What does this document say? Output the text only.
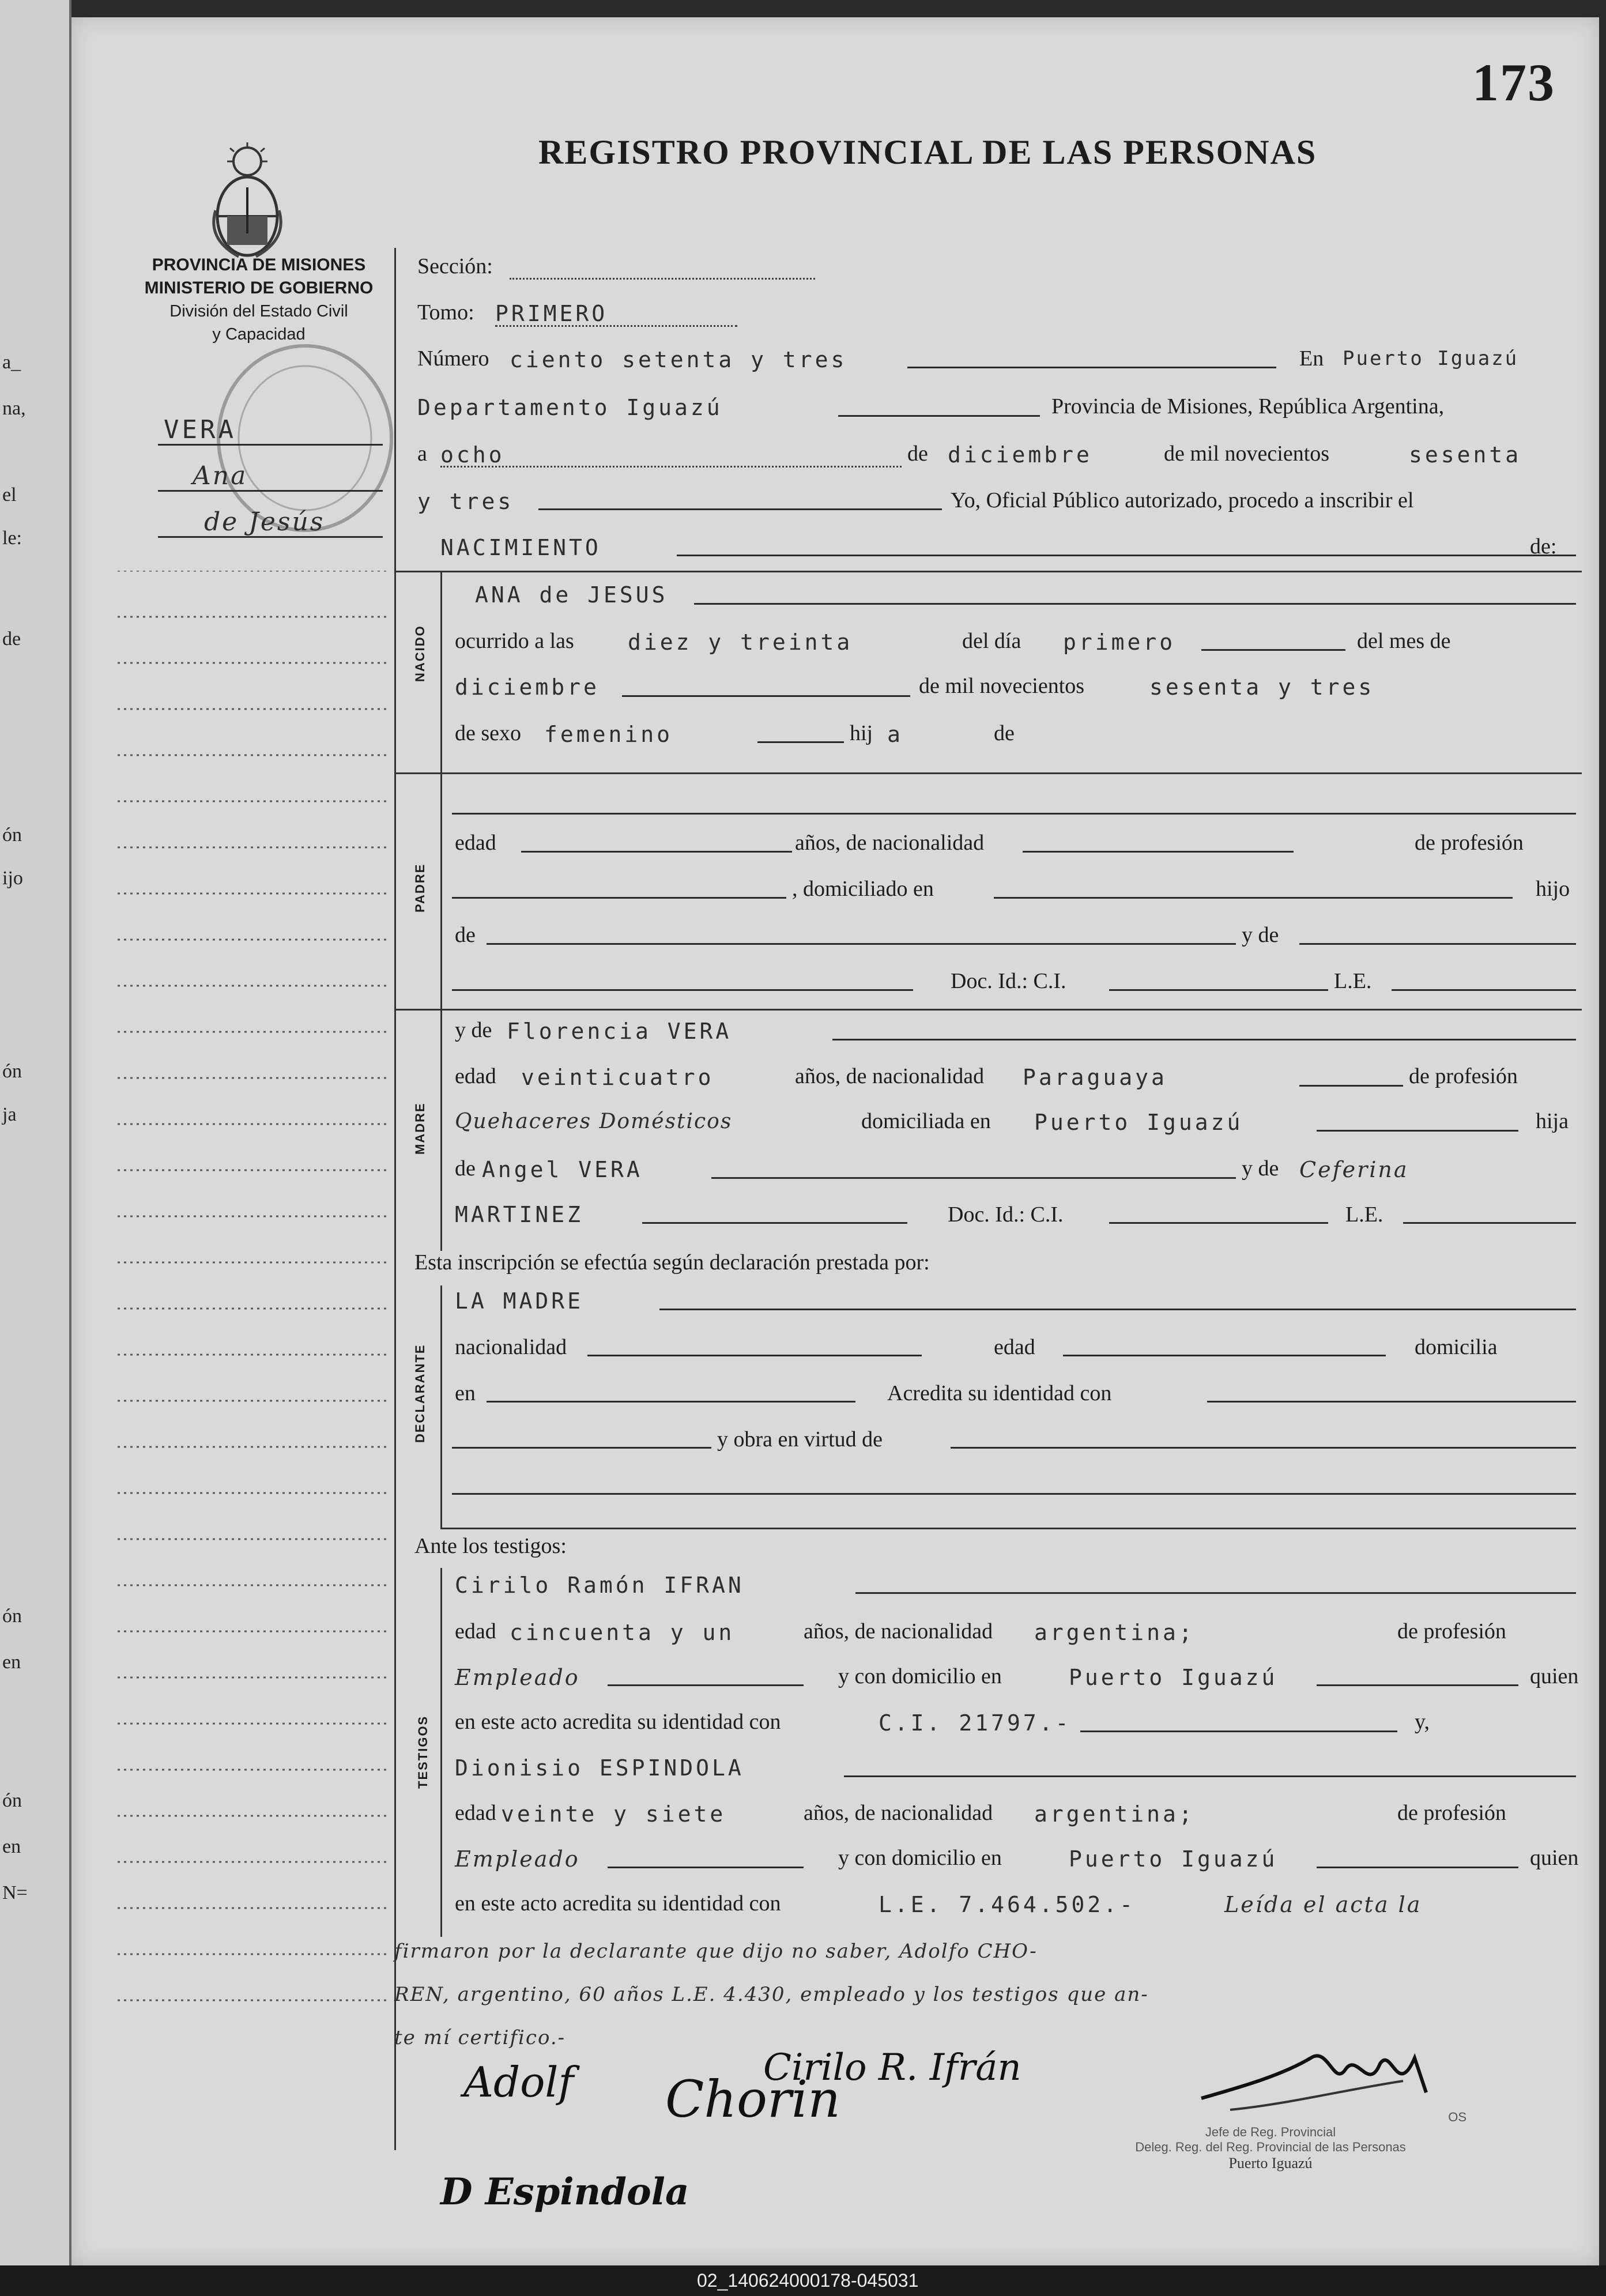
a_
na,
el
le:
de
ón
ijo
ón
ja
ón
en
ón
en
N=
173
REGISTRO PROVINCIAL DE LAS PERSONAS
PROVINCIA DE MISIONES
MINISTERIO DE GOBIERNO
División del Estado Civil
y Capacidad
VERA
Ana
de Jesús
Sección:
Tomo: PRIMERO
Número ciento setenta y tres	En Puerto Iguazú
Departamento Iguazú	Provincia de Misiones, República Argentina,
a ocho	de diciembre	de mil novecientos	sesenta
y tres	Yo, Oficial Público autorizado, procedo a inscribir el
NACIMIENTO	de:
NACIDO
ANA de JESUS
ocurrido a las diez y treinta	del día primero	del mes de
diciembre	de mil novecientos	sesenta y tres
de sexo femenino	hij a	de
PADRE
edad	años, de nacionalidad	de profesión
, domiciliado en	hijo
de	y de
Doc. Id.: C.I.	L.E.
MADRE
y de Florencia VERA
edad veinticuatro	años, de nacionalidad Paraguaya	de profesión
Quehaceres Domésticos	domiciliada en Puerto Iguazú	hija
de Angel VERA	y de Ceferina
MARTINEZ	Doc. Id.: C.I.	L.E.
Esta inscripción se efectúa según declaración prestada por:
DECLARANTE
LA MADRE
nacionalidad	edad	domicilia
en	Acredita su identidad con
y obra en virtud de
Ante los testigos:
TESTIGOS
Cirilo Ramón IFRAN
edad cincuenta y un	años, de nacionalidad argentina;	de profesión
Empleado	y con domicilio en	Puerto Iguazú	quien
en este acto acredita su identidad con	C.I. 21797.-	y,
Dionisio ESPINDOLA
edad veinte y siete	años, de nacionalidad argentina;	de profesión
Empleado	y con domicilio en	Puerto Iguazú	quien
en este acto acredita su identidad con	L.E. 7.464.502.-	Leída el acta la
firmaron por la declarante que dijo no saber, Adolfo CHO-
REN, argentino, 60 años L.E. 4.430, empleado y los testigos que an-
te mí certifico.-
Adolf Chorin
Cirilo R. Ifrán
D Espindola
OS
Jefe de Reg. Provincial
Deleg. Reg. del Reg. Provincial de las Personas
Puerto Iguazú
02_140624000178-045031
